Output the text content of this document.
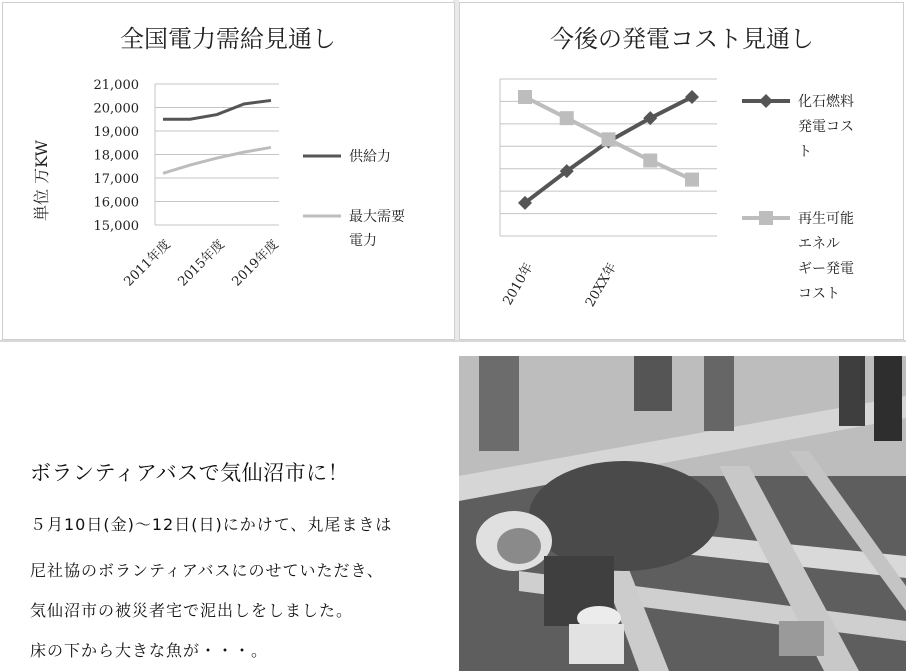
全国電力需給見通し
単位 万KW
21,000
20,000
19,000
18,000
17,000
16,000
15,000
2011年度 2015年度 2019年度
供給力
最大需要
電力
今後の発電コスト見通し
2010年	20XX年
化石燃料
発電コス
ト
再生可能
エネル
ギー発電
コスト
ボランティアバスで気仙沼市に！
５月10日(金)〜12日(日)にかけて、丸尾まきは
尼社協のボランティアバスにのせていただき、
気仙沼市の被災者宅で泥出しをしました。
床の下から大きな魚が・・・。
